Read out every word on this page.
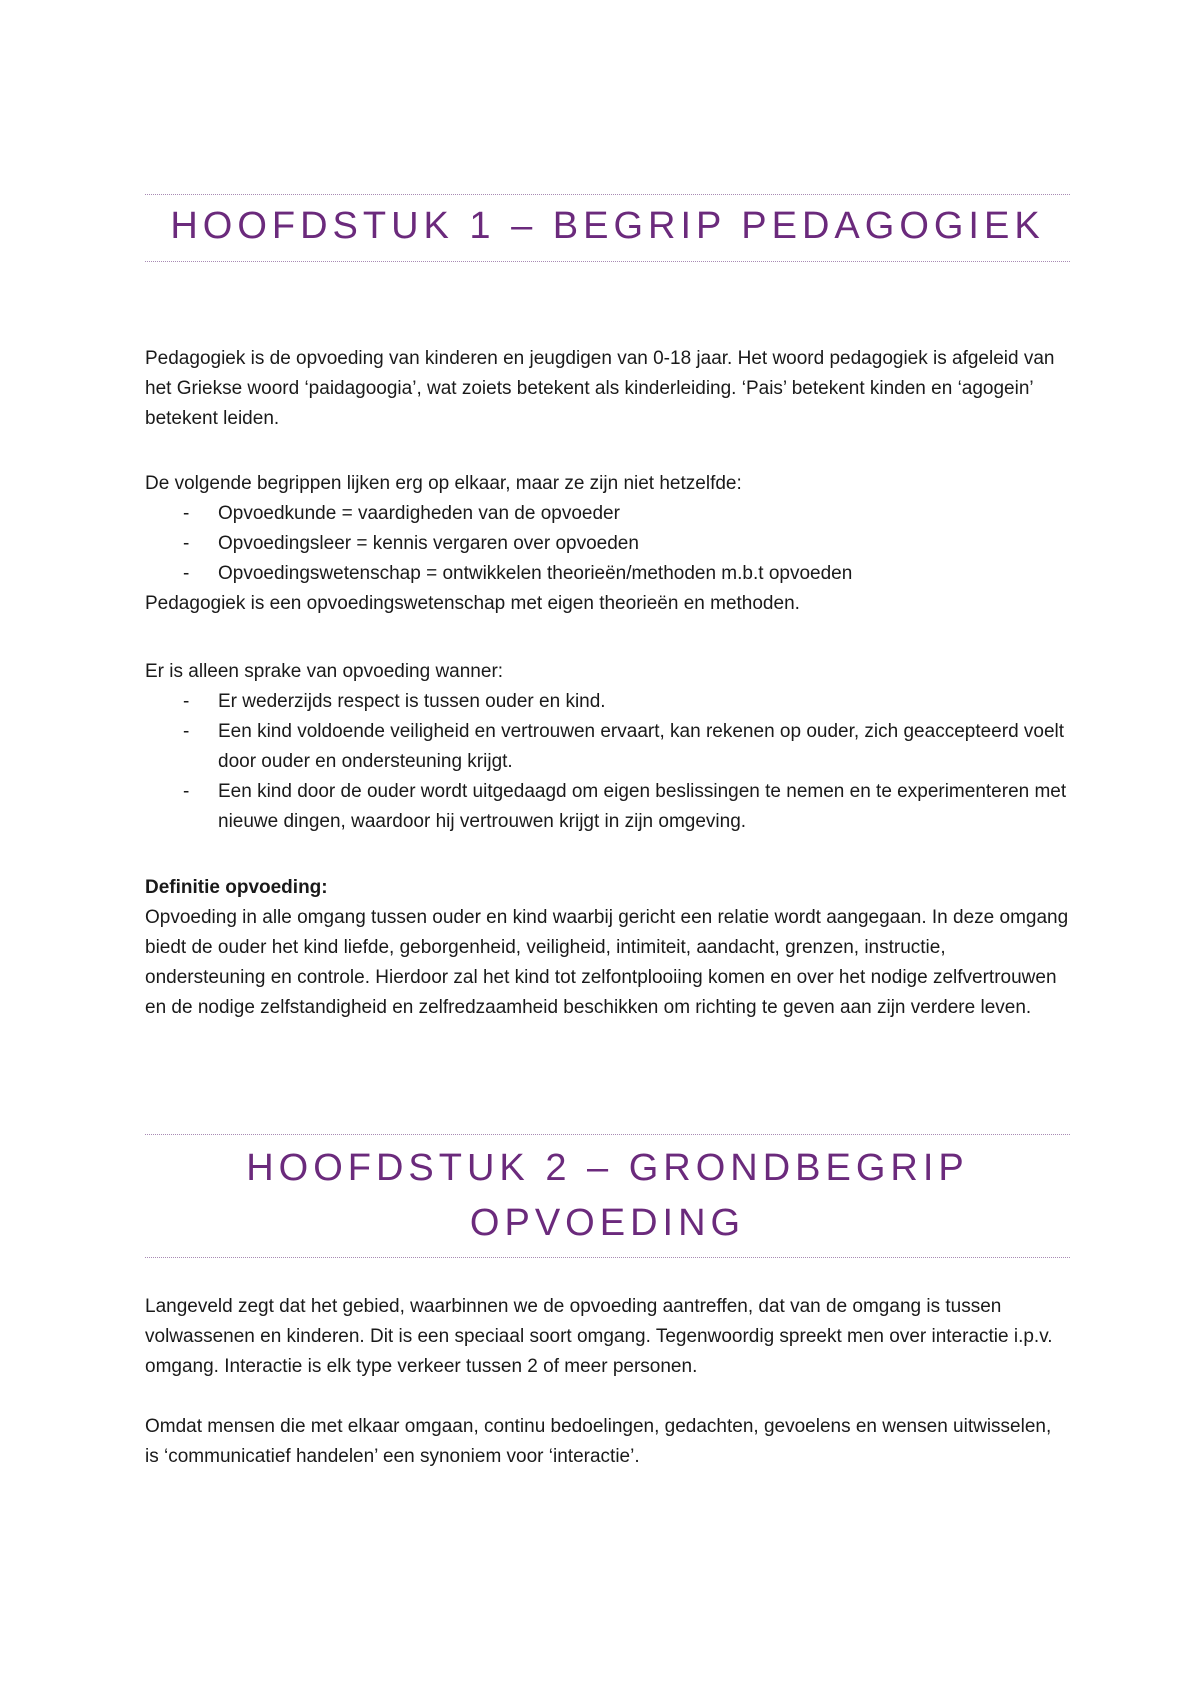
HOOFDSTUK 1 – BEGRIP PEDAGOGIEK

Pedagogiek is de opvoeding van kinderen en jeugdigen van 0-18 jaar. Het woord pedagogiek is afgeleid van het Griekse woord ‘paidagoogia’, wat zoiets betekent als kinderleiding. ‘Pais’ betekent kinden en ‘agogein’ betekent leiden.

De volgende begrippen lijken erg op elkaar, maar ze zijn niet hetzelfde:

- Opvoedkunde = vaardigheden van de opvoeder
- Opvoedingsleer = kennis vergaren over opvoeden
- Opvoedingswetenschap = ontwikkelen theorieën/methoden m.b.t opvoeden

Pedagogiek is een opvoedingswetenschap met eigen theorieën en methoden.

Er is alleen sprake van opvoeding wanner:

- Er wederzijds respect is tussen ouder en kind.
- Een kind voldoende veiligheid en vertrouwen ervaart, kan rekenen op ouder, zich geaccepteerd voelt door ouder en ondersteuning krijgt.
- Een kind door de ouder wordt uitgedaagd om eigen beslissingen te nemen en te experimenteren met nieuwe dingen, waardoor hij vertrouwen krijgt in zijn omgeving.

Definitie opvoeding:

Opvoeding in alle omgang tussen ouder en kind waarbij gericht een relatie wordt aangegaan. In deze omgang biedt de ouder het kind liefde, geborgenheid, veiligheid, intimiteit, aandacht, grenzen, instructie, ondersteuning en controle. Hierdoor zal het kind tot zelfontplooiing komen en over het nodige zelfvertrouwen en de nodige zelfstandigheid en zelfredzaamheid beschikken om richting te geven aan zijn verdere leven.

HOOFDSTUK 2 – GRONDBEGRIP
OPVOEDING

Langeveld zegt dat het gebied, waarbinnen we de opvoeding aantreffen, dat van de omgang is tussen volwassenen en kinderen. Dit is een speciaal soort omgang. Tegenwoordig spreekt men over interactie i.p.v. omgang. Interactie is elk type verkeer tussen 2 of meer personen.

Omdat mensen die met elkaar omgaan, continu bedoelingen, gedachten, gevoelens en wensen uitwisselen, is ‘communicatief handelen’ een synoniem voor ‘interactie’.
